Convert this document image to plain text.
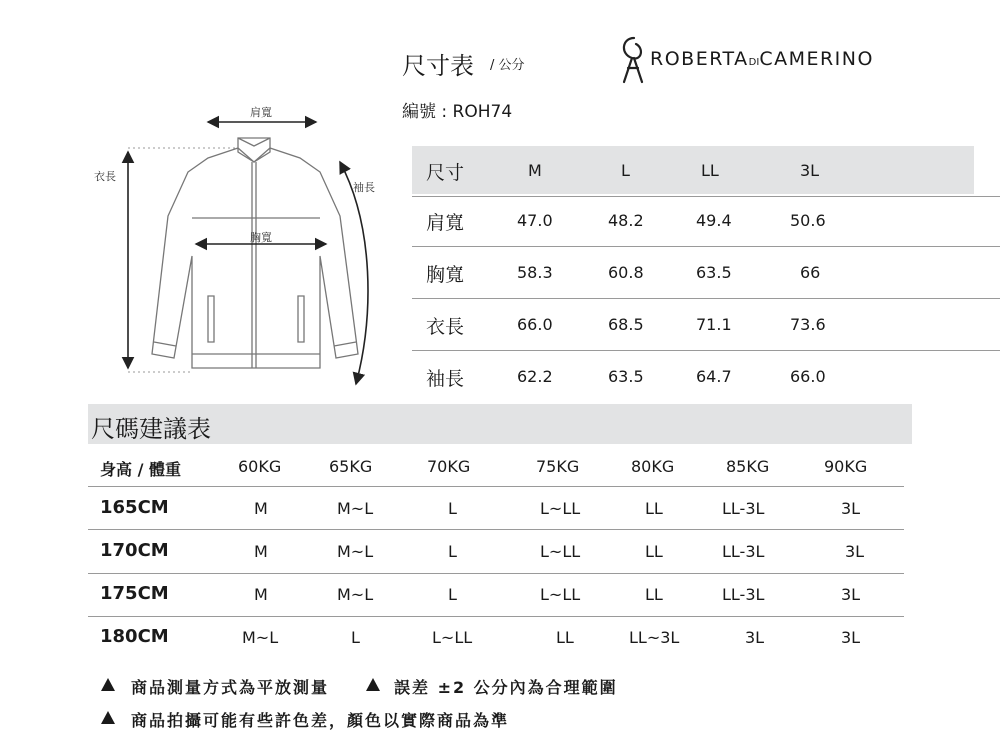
尺寸表 / 公分
編號 : ROH74
ROBERTADICAMERINO
肩寬
胸寬
衣長
袖長
尺寸	M	L	LL	3L
肩寬	47.0	48.2	49.4	50.6
胸寬	58.3	60.8	63.5	66
衣長	66.0	68.5	71.1	73.6
袖長	62.2	63.5	64.7	66.0
尺碼建議表
身高 / 體重	60KG	65KG	70KG	75KG	80KG	85KG	90KG
165CM	M	M~L	L	L~LL	LL	LL-3L	3L
170CM	M	M~L	L	L~LL	LL	LL-3L	3L
175CM	M	M~L	L	L~LL	LL	LL-3L	3L
180CM	M~L	L	L~LL	LL	LL~3L	3L	3L
商品測量方式為平放測量	誤差 ±2 公分內為合理範圍
商品拍攝可能有些許色差，顏色以實際商品為準
